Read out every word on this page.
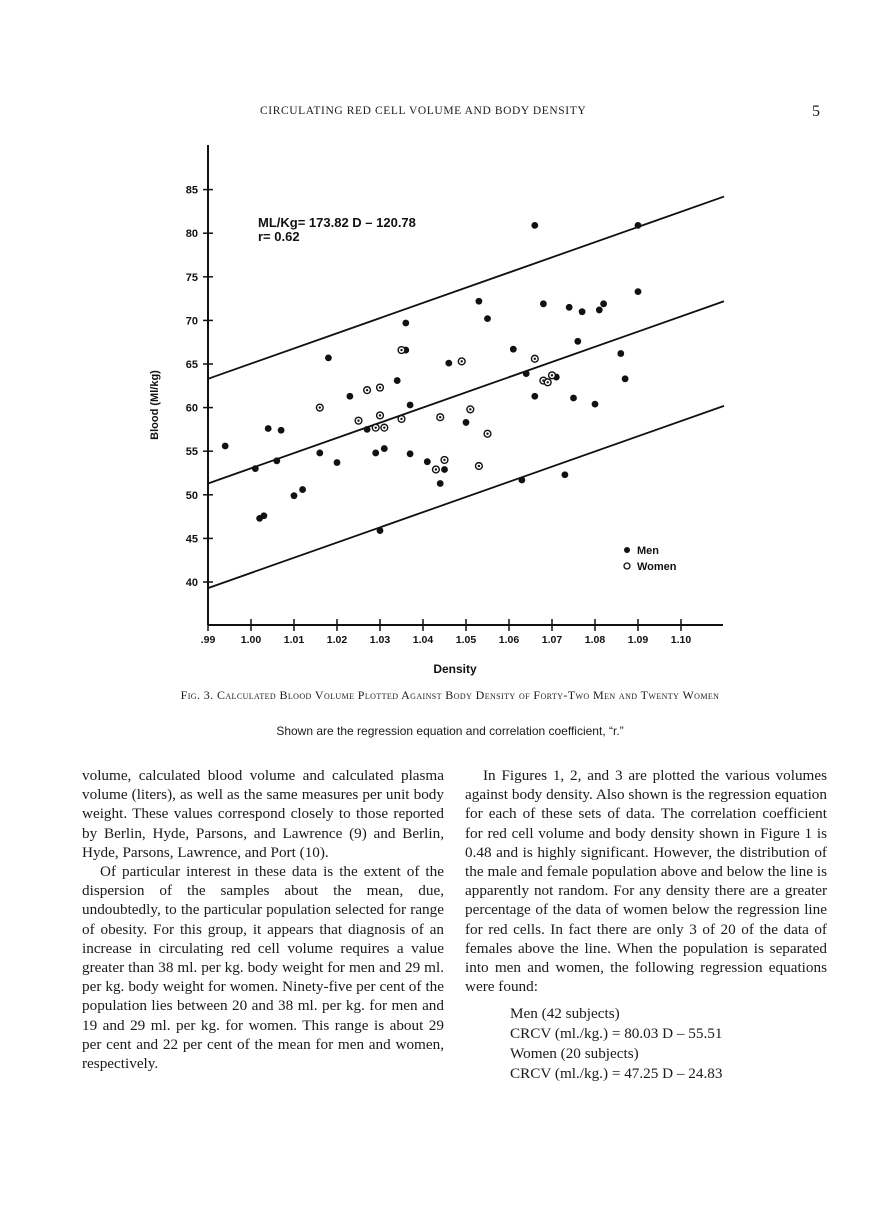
CIRCULATING RED CELL VOLUME AND BODY DENSITY	5
40
45
50
55
60
65
70
75
80
85
.99 1.00 1.01 1.02 1.03 1.04 1.05 1.06 1.07 1.08 1.09 1.10
Density
Blood (Ml/kg)
ML/Kg= 173.82 D – 120.78
r= 0.62
Men
Women
Fig. 3. Calculated Blood Volume Plotted Against Body Density of Forty-Two Men and Twenty Women
Shown are the regression equation and correlation coefficient, “r.”

volume, calculated blood volume and calculated plasma volume (liters), as well as the same measures per unit body weight. These values correspond closely to those reported by Berlin, Hyde, Parsons, and Lawrence (9) and Berlin, Hyde, Parsons, Lawrence, and Port (10).

Of particular interest in these data is the extent of the dispersion of the samples about the mean, due, undoubtedly, to the particular population selected for range of obesity. For this group, it appears that diagnosis of an increase in circulating red cell volume requires a value greater than 38 ml. per kg. body weight for men and 29 ml. per kg. body weight for women. Ninety-five per cent of the population lies between 20 and 38 ml. per kg. for men and 19 and 29 ml. per kg. for women. This range is about 29 per cent and 22 per cent of the mean for men and women, respectively.

In Figures 1, 2, and 3 are plotted the various volumes against body density. Also shown is the regression equation for each of these sets of data. The correlation coefficient for red cell volume and body density shown in Figure 1 is 0.48 and is highly significant. However, the distribution of the male and female population above and below the line is apparently not random. For any density there are a greater percentage of the data of women below the regression line for red cells. In fact there are only 3 of 20 of the data of females above the line. When the population is separated into men and women, the following regression equations were found:

Men (42 subjects)
CRCV (ml./kg.) = 80.03 D – 55.51
Women (20 subjects)
CRCV (ml./kg.) = 47.25 D – 24.83
